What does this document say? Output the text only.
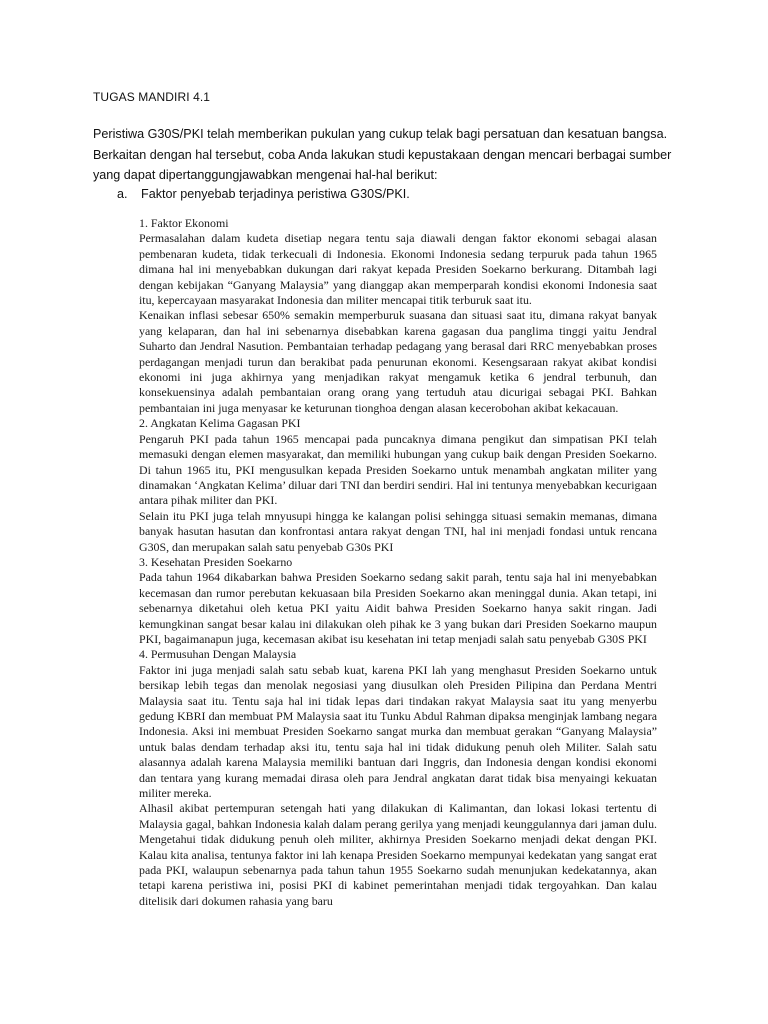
TUGAS MANDIRI 4.1
Peristiwa G30S/PKI telah memberikan pukulan yang cukup telak bagi persatuan dan kesatuan bangsa. Berkaitan dengan hal tersebut, coba Anda lakukan studi kepustakaan dengan mencari berbagai sumber yang dapat dipertanggungjawabkan mengenai hal-hal berikut:
a. Faktor penyebab terjadinya peristiwa G30S/PKI.
1. Faktor Ekonomi

Permasalahan dalam kudeta disetiap negara tentu saja diawali dengan faktor ekonomi sebagai alasan pembenaran kudeta, tidak terkecuali di Indonesia. Ekonomi Indonesia sedang terpuruk pada tahun 1965 dimana hal ini menyebabkan dukungan dari rakyat kepada Presiden Soekarno berkurang. Ditambah lagi dengan kebijakan “Ganyang Malaysia” yang dianggap akan memperparah kondisi ekonomi Indonesia saat itu, kepercayaan masyarakat Indonesia dan militer mencapai titik terburuk saat itu.

Kenaikan inflasi sebesar 650% semakin memperburuk suasana dan situasi saat itu, dimana rakyat banyak yang kelaparan, dan hal ini sebenarnya disebabkan karena gagasan dua panglima tinggi yaitu Jendral Suharto dan Jendral Nasution. Pembantaian terhadap pedagang yang berasal dari RRC menyebabkan proses perdagangan menjadi turun dan berakibat pada penurunan ekonomi. Kesengsaraan rakyat akibat kondisi ekonomi ini juga akhirnya yang menjadikan rakyat mengamuk ketika 6 jendral terbunuh, dan konsekuensinya adalah pembantaian orang orang yang tertuduh atau dicurigai sebagai PKI. Bahkan pembantaian ini juga menyasar ke keturunan tionghoa dengan alasan kecerobohan akibat kekacauan.

2. Angkatan Kelima Gagasan PKI

Pengaruh PKI pada tahun 1965 mencapai pada puncaknya dimana pengikut dan simpatisan PKI telah memasuki dengan elemen masyarakat, dan memiliki hubungan yang cukup baik dengan Presiden Soekarno. Di tahun 1965 itu, PKI mengusulkan kepada Presiden Soekarno untuk menambah angkatan militer yang dinamakan ‘Angkatan Kelima’ diluar dari TNI dan berdiri sendiri. Hal ini tentunya menyebabkan kecurigaan antara pihak militer dan PKI.

Selain itu PKI juga telah mnyusupi hingga ke kalangan polisi sehingga situasi semakin memanas, dimana banyak hasutan hasutan dan konfrontasi antara rakyat dengan TNI, hal ini menjadi fondasi untuk rencana G30S, dan merupakan salah satu penyebab G30s PKI

3. Kesehatan Presiden Soekarno

Pada tahun 1964 dikabarkan bahwa Presiden Soekarno sedang sakit parah, tentu saja hal ini menyebabkan kecemasan dan rumor perebutan kekuasaan bila Presiden Soekarno akan meninggal dunia. Akan tetapi, ini sebenarnya diketahui oleh ketua PKI yaitu Aidit bahwa Presiden Soekarno hanya sakit ringan. Jadi kemungkinan sangat besar kalau ini dilakukan oleh pihak ke 3 yang bukan dari Presiden Soekarno maupun PKI, bagaimanapun juga, kecemasan akibat isu kesehatan ini tetap menjadi salah satu penyebab G30S PKI

4. Permusuhan Dengan Malaysia

Faktor ini juga menjadi salah satu sebab kuat, karena PKI lah yang menghasut Presiden Soekarno untuk bersikap lebih tegas dan menolak negosiasi yang diusulkan oleh Presiden Pilipina dan Perdana Mentri Malaysia saat itu. Tentu saja hal ini tidak lepas dari tindakan rakyat Malaysia saat itu yang menyerbu gedung KBRI dan membuat PM Malaysia saat itu Tunku Abdul Rahman dipaksa menginjak lambang negara Indonesia. Aksi ini membuat Presiden Soekarno sangat murka dan membuat gerakan “Ganyang Malaysia” untuk balas dendam terhadap aksi itu, tentu saja hal ini tidak didukung penuh oleh Militer. Salah satu alasannya adalah karena Malaysia memiliki bantuan dari Inggris, dan Indonesia dengan kondisi ekonomi dan tentara yang kurang memadai dirasa oleh para Jendral angkatan darat tidak bisa menyaingi kekuatan militer mereka.

Alhasil akibat pertempuran setengah hati yang dilakukan di Kalimantan, dan lokasi lokasi tertentu di Malaysia gagal, bahkan Indonesia kalah dalam perang gerilya yang menjadi keunggulannya dari jaman dulu. Mengetahui tidak didukung penuh oleh militer, akhirnya Presiden Soekarno menjadi dekat dengan PKI. Kalau kita analisa, tentunya faktor ini lah kenapa Presiden Soekarno mempunyai kedekatan yang sangat erat pada PKI, walaupun sebenarnya pada tahun tahun 1955 Soekarno sudah menunjukan kedekatannya, akan tetapi karena peristiwa ini, posisi PKI di kabinet pemerintahan menjadi tidak tergoyahkan. Dan kalau ditelisik dari dokumen rahasia yang baru
